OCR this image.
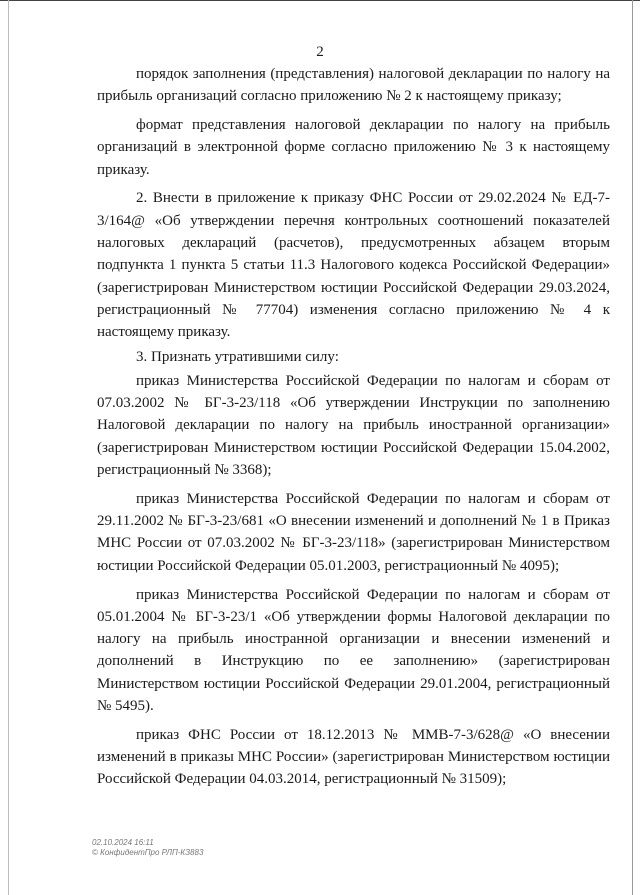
2

порядок заполнения (представления) налоговой декларации по налогу на прибыль организаций согласно приложению № 2 к настоящему приказу;

формат представления налоговой декларации по налогу на прибыль организаций в электронной форме согласно приложению № 3 к настоящему приказу.

2. Внести в приложение к приказу ФНС России от 29.02.2024 № ЕД-7-3/164@ «Об утверждении перечня контрольных соотношений показателей налоговых деклараций (расчетов), предусмотренных абзацем вторым подпункта 1 пункта 5 статьи 11.3 Налогового кодекса Российской Федерации» (зарегистрирован Министерством юстиции Российской Федерации 29.03.2024, регистрационный № 77704) изменения согласно приложению № 4 к настоящему приказу.

3. Признать утратившими силу:

приказ Министерства Российской Федерации по налогам и сборам от 07.03.2002 № БГ-3-23/118 «Об утверждении Инструкции по заполнению Налоговой декларации по налогу на прибыль иностранной организации» (зарегистрирован Министерством юстиции Российской Федерации 15.04.2002, регистрационный № 3368);

приказ Министерства Российской Федерации по налогам и сборам от 29.11.2002 № БГ-3-23/681 «О внесении изменений и дополнений № 1 в Приказ МНС России от 07.03.2002 № БГ-3-23/118» (зарегистрирован Министерством юстиции Российской Федерации 05.01.2003, регистрационный № 4095);

приказ Министерства Российской Федерации по налогам и сборам от 05.01.2004 № БГ-3-23/1 «Об утверждении формы Налоговой декларации по налогу на прибыль иностранной организации и внесении изменений и дополнений в Инструкцию по ее заполнению» (зарегистрирован Министерством юстиции Российской Федерации 29.01.2004, регистрационный № 5495).

приказ ФНС России от 18.12.2013 № ММВ-7-3/628@ «О внесении изменений в приказы МНС России» (зарегистрирован Министерством юстиции Российской Федерации 04.03.2014, регистрационный № 31509);

02.10.2024 16:11
© КонфидентПро РЛП-КЗ883
